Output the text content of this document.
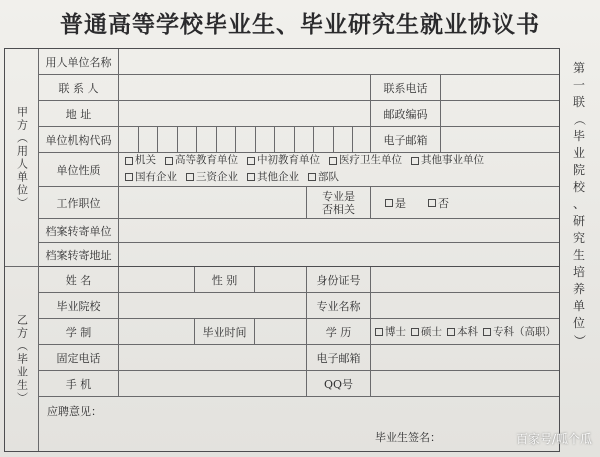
普通高等学校毕业生、毕业研究生就业协议书
甲方（用人单位）
乙方（毕业生）
用人单位名称
联 系 人	联系电话
地 址	邮政编码
单位机构代码	电子邮箱
单位性质
机关 高等教育单位 中初教育单位 医疗卫生单位 其他事业单位
国有企业 三资企业 其他企业 部队
工作职位
专业是否相关	是	否
档案转寄单位
档案转寄地址
姓 名	性 别	身份证号
毕业院校	专业名称
学 制	毕业时间	学 历	博士 硕士 本科 专科（高职）
固定电话	电子邮箱
手 机	QQ号
应聘意见：
毕业生签名：
第
一
联
（
毕
业
院
校
、
研
究
生
培
养
单
位
）
百家号/呱个瓜
